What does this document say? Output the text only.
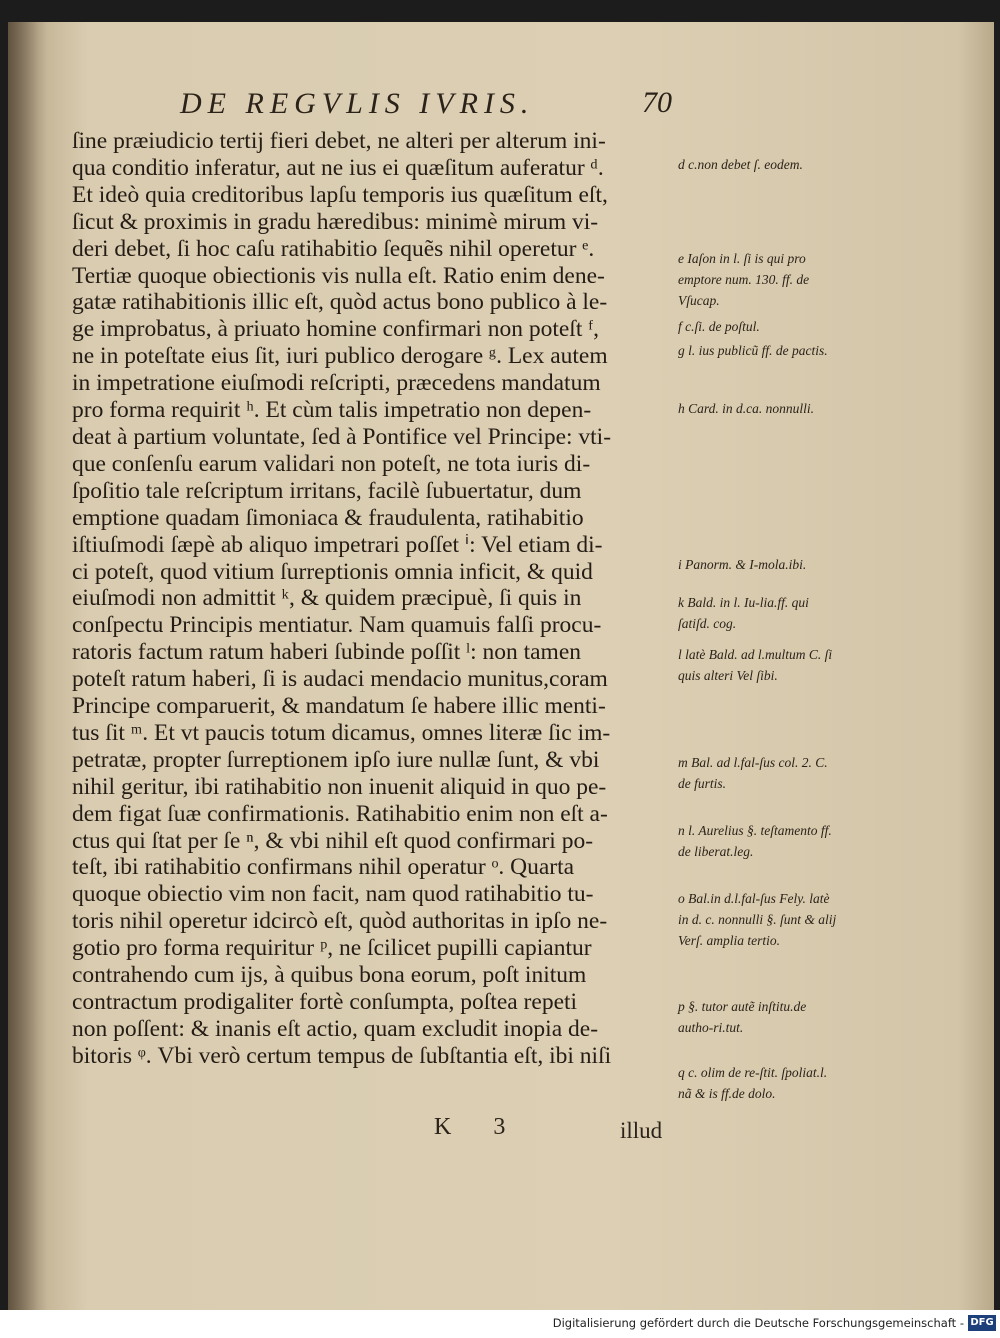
DE REGVLIS IVRIS.	70
ſine præiudicio tertij fieri debet, ne alteri per alterum ini-
qua conditio inferatur, aut ne ius ei quæſitum auferatur ᵈ.
Et ideò quia creditoribus lapſu temporis ius quæſitum eſt,
ſicut & proximis in gradu hæredibus: minimè mirum vi-
deri debet, ſi hoc caſu ratihabitio ſequẽs nihil operetur ᵉ.
Tertiæ quoque obiectionis vis nulla eſt. Ratio enim dene-
gatæ ratihabitionis illic eſt, quòd actus bono publico à le-
ge improbatus, à priuato homine confirmari non poteſt ᶠ,
ne in poteſtate eius ſit, iuri publico derogare ᵍ. Lex autem
in impetratione eiuſmodi reſcripti, præcedens mandatum
pro forma requirit ʰ. Et cùm talis impetratio non depen-
deat à partium voluntate, ſed à Pontifice vel Principe: vti-
que conſenſu earum validari non poteſt, ne tota iuris di-
ſpoſitio tale reſcriptum irritans, facilè ſubuertatur, dum
emptione quadam ſimoniaca & fraudulenta, ratihabitio
iſtiuſmodi ſæpè ab aliquo impetrari poſſet ⁱ: Vel etiam di-
ci poteſt, quod vitium ſurreptionis omnia inficit, & quid
eiuſmodi non admittit ᵏ, & quidem præcipuè, ſi quis in
conſpectu Principis mentiatur. Nam quamuis falſi procu-
ratoris factum ratum haberi ſubinde poſſit ˡ: non tamen
poteſt ratum haberi, ſi is audaci mendacio munitus,coram
Principe comparuerit, & mandatum ſe habere illic menti-
tus ſit ᵐ. Et vt paucis totum dicamus, omnes literæ ſic im-
petratæ, propter ſurreptionem ipſo iure nullæ ſunt, & vbi
nihil geritur, ibi ratihabitio non inuenit aliquid in quo pe-
dem figat ſuæ confirmationis. Ratihabitio enim non eſt a-
ctus qui ſtat per ſe ⁿ, & vbi nihil eſt quod confirmari po-
teſt, ibi ratihabitio confirmans nihil operatur ᵒ. Quarta
quoque obiectio vim non facit, nam quod ratihabitio tu-
toris nihil operetur idcircò eſt, quòd authoritas in ipſo ne-
gotio pro forma requiritur ᵖ, ne ſcilicet pupilli capiantur
contrahendo cum ijs, à quibus bona eorum, poſt initum
contractum prodigaliter fortè conſumpta, poſtea repeti
non poſſent: & inanis eſt actio, quam excludit inopia de-
bitoris ᵠ. Vbi verò certum tempus de ſubſtantia eſt, ibi niſi
d c.non debet ſ. eodem.
e Iaſon in l. ſi is qui pro emptore num. 130. ff. de Vſucap.
f c.ſi. de poſtul.
g l. ius publicũ ff. de pactis.
h Card. in d.ca. nonnulli.
i Panorm. & I-mola.ibi.
k Bald. in l. Iu-lia.ff. qui ſatiſd. cog.
l latè Bald. ad l.multum C. ſi quis alteri Vel ſibi.
m Bal. ad l.fal-ſus col. 2. C. de furtis.
n l. Aurelius §. teſtamento ff. de liberat.leg.
o Bal.in d.l.fal-ſus Fely. latè in d. c. nonnulli §. ſunt & alij Verſ. amplia tertio.
p §. tutor autẽ inſtitu.de autho-ri.tut.
q c. olim de re-ſtit. ſpoliat.l. nã & is ff.de dolo.
K 3	illud
Digitalisierung gefördert durch die Deutsche Forschungsgemeinschaft - DFG
